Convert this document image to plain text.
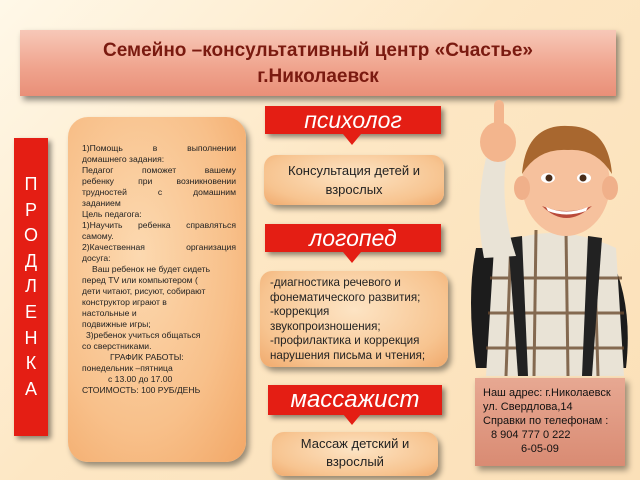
Семейно –консультативный центр «Счастье»
г.Николаевск
П
Р
О
Д
Л
Е
Н
К
А

1)Помощь	в	выполнении

домашнего задания:

Педагог	поможет	вашему

ребенку	при	возникновении

трудностей	с	домашним

заданием

Цель педагога:

1)Научить ребенка справляться

самому.

2)Качественная	организация

досуга:

Ваш ребенок не будет сидеть

перед TV или компьютером (

дети читают, рисуют, собирают

конструктор играют в

настольные и

подвижные игры;

3)ребенок учиться общаться

со сверстниками.

ГРАФИК РАБОТЫ:

понедельник –пятница

с 13.00 до 17.00

СТОИМОСТЬ: 100 РУБ/ДЕНЬ

психолог
Консультация детей и взрослых
логопед
-диагностика речевого и
фонематического развития;
-коррекция
звукопроизношения;
-профилактика и коррекция
нарушения письма и чтения;
массажист
Массаж детский и взрослый

Наш адрес: г.Николаевск

ул. Свердлова,14

Справки по телефонам :

8 904 777 0 222

6-05-09
